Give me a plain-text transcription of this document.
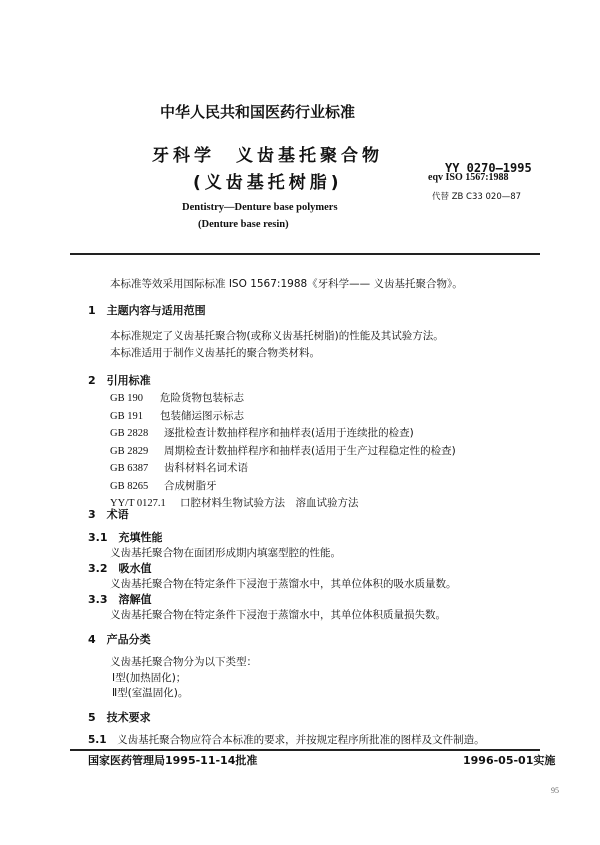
中华人民共和国医药行业标准
牙科学　义齿基托聚合物
(义齿基托树脂)
Dentistry—Denture base polymers
(Denture base resin)
YY 0270—1995
eqv ISO 1567:1988
代替 ZB C33 020—87
本标准等效采用国际标准 ISO 1567:1988《牙科学—— 义齿基托聚合物》。
1　 主题内容与适用范围
本标准规定了义齿基托聚合物(或称义齿基托树脂)的性能及其试验方法。
本标准适用于制作义齿基托的聚合物类材料。
2　 引用标准
GB 190 危险货物包装标志
GB 191 包装储运图示标志
GB 2828 逐批检查计数抽样程序和抽样表(适用于连续批的检查)
GB 2829 周期检查计数抽样程序和抽样表(适用于生产过程稳定性的检查)
GB 6387 齿科材料名词术语
GB 8265 合成树脂牙
YY/T 0127.1 口腔材料生物试验方法　溶血试验方法
3　 术语
3.1　 充填性能
义齿基托聚合物在面团形成期内填塞型腔的性能。
3.2　 吸水值
义齿基托聚合物在特定条件下浸泡于蒸馏水中，其单位体积的吸水质量数。
3.3　 溶解值
义齿基托聚合物在特定条件下浸泡于蒸馏水中，其单位体积质量损失数。
4　 产品分类
义齿基托聚合物分为以下类型：
Ⅰ型(加热固化)；
Ⅱ型(室温固化)。
5　 技术要求
5.1　 义齿基托聚合物应符合本标准的要求，并按规定程序所批准的图样及文件制造。
国家医药管理局1995-11-14批准	1996-05-01实施
95
